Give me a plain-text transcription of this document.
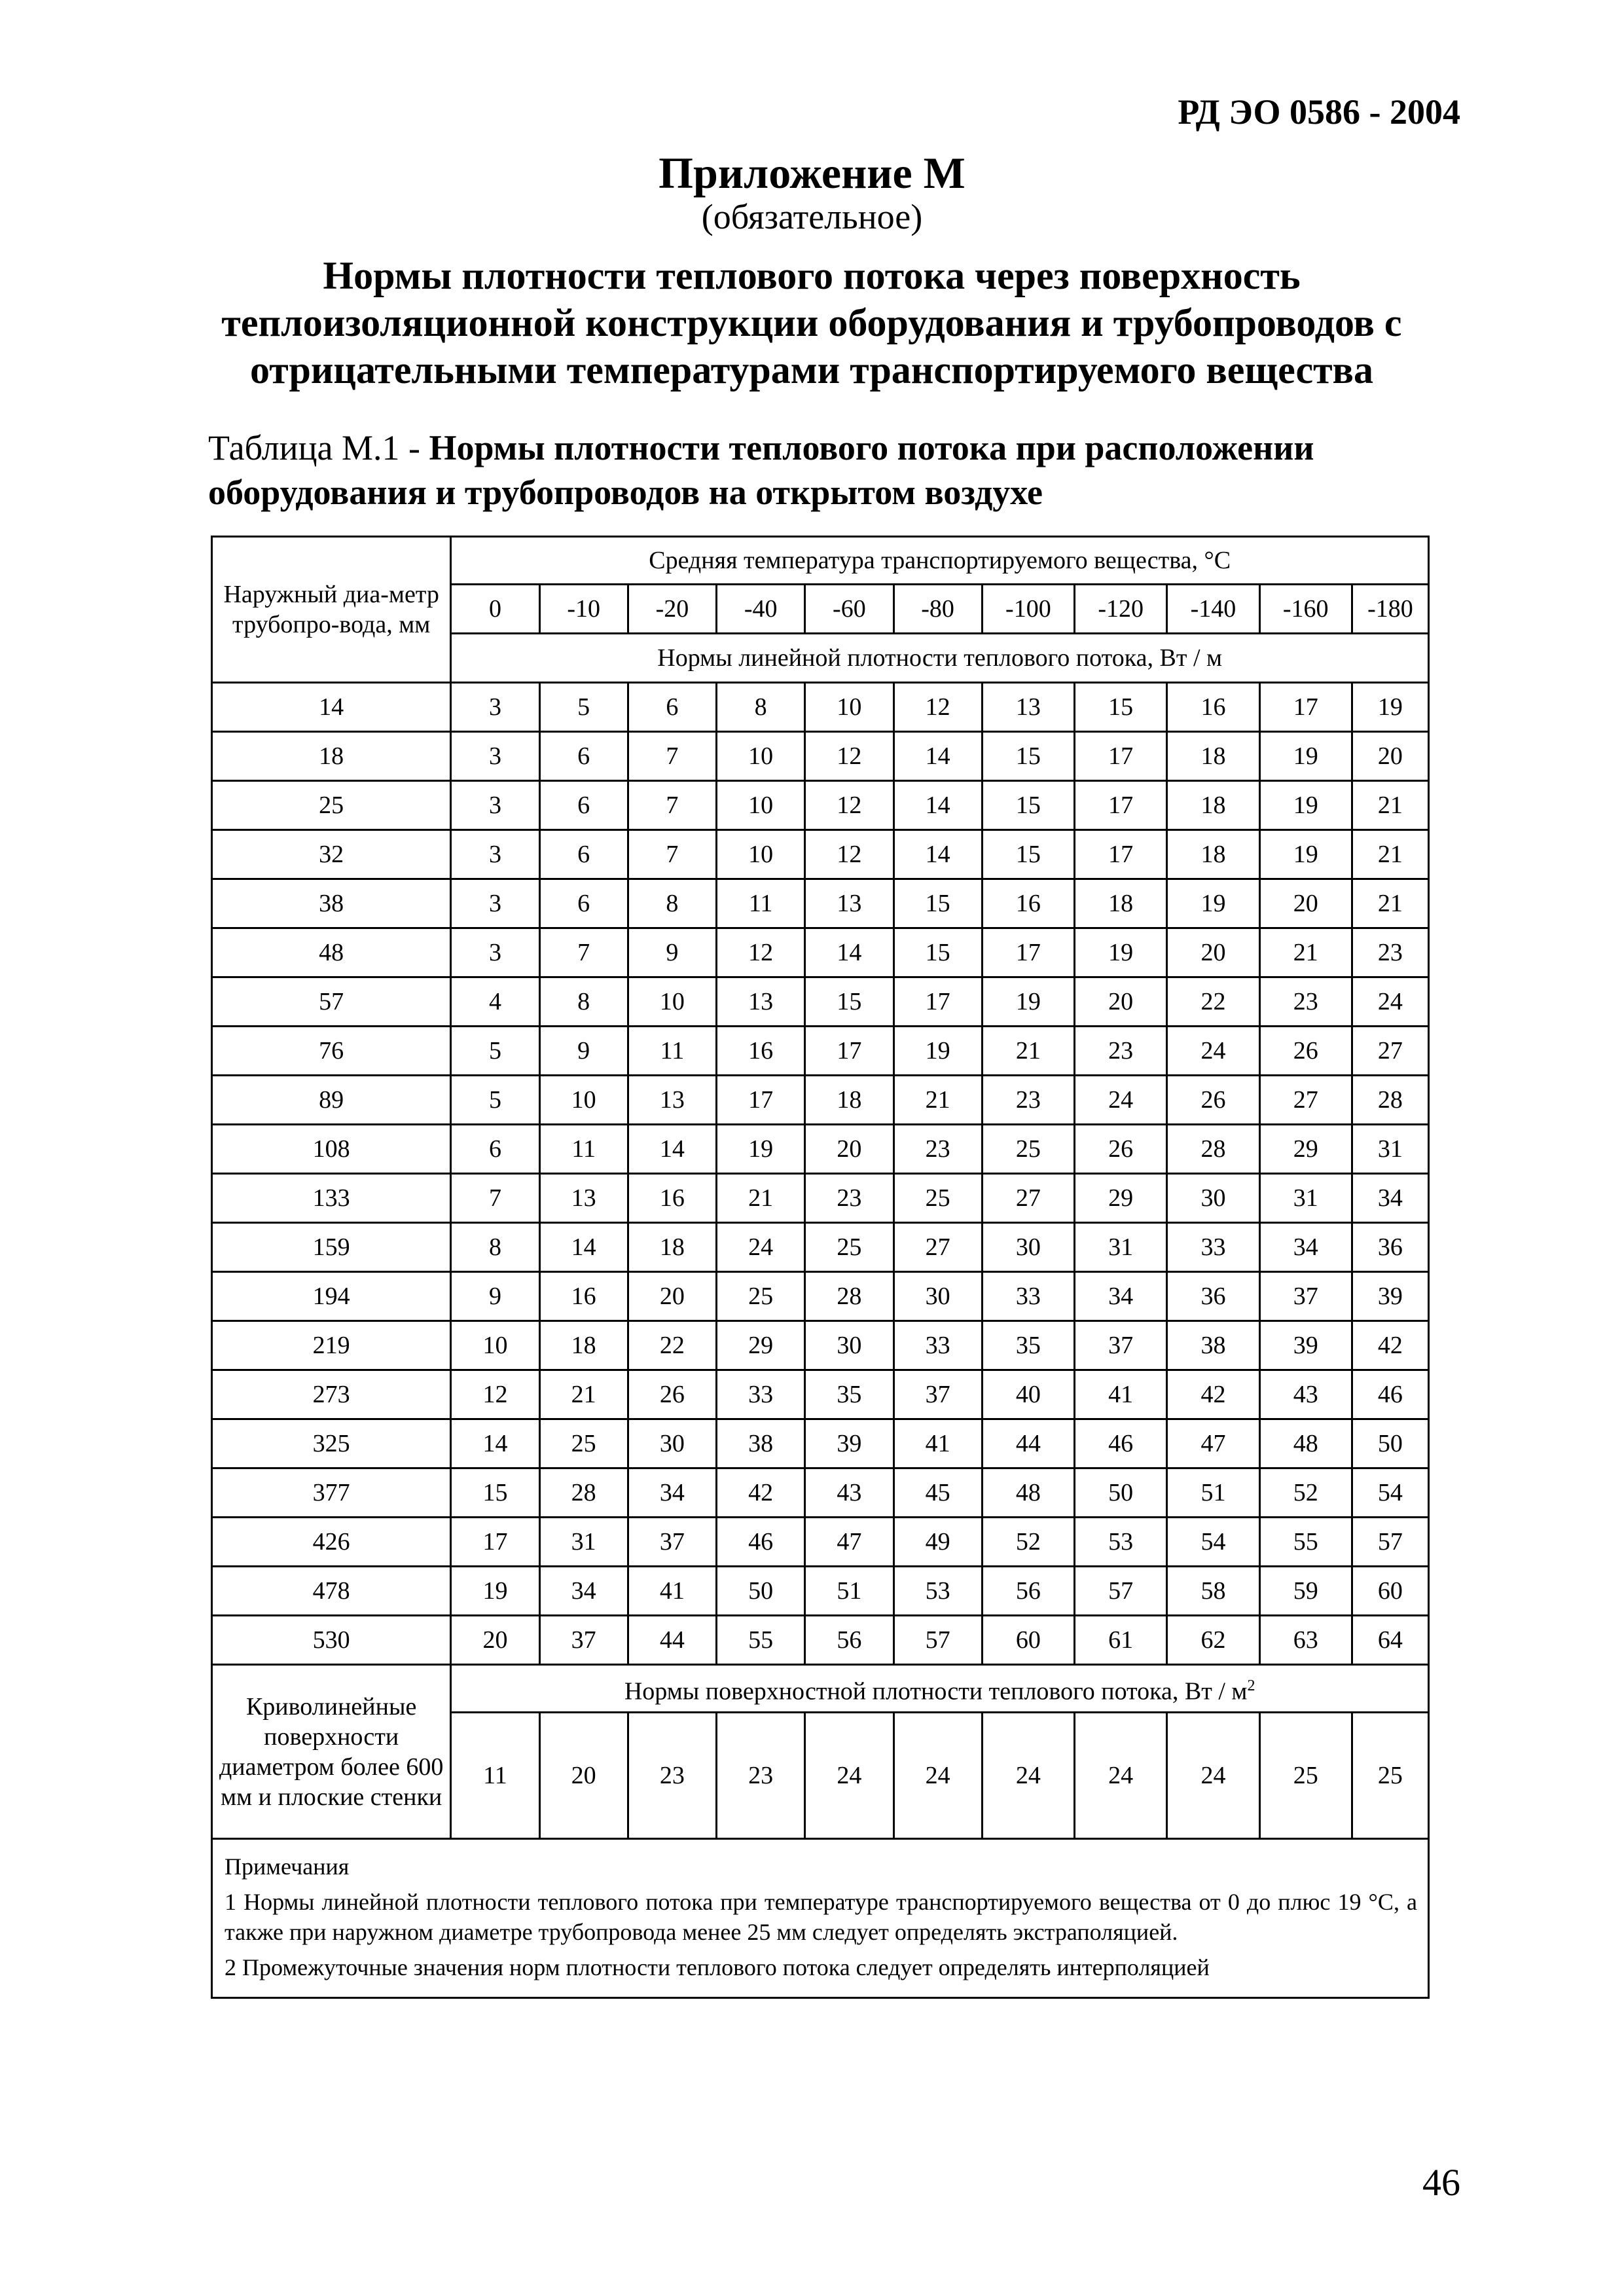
РД ЭО 0586 - 2004
Приложение М
(обязательное)
Нормы плотности теплового потока через поверхность теплоизоляционной конструкции оборудования и трубопроводов с отрицательными температурами транспортируемого вещества
Таблица М.1 - Нормы плотности теплового потока при расположении оборудования и трубопроводов на открытом воздухе
Наружный диа-метр трубопро-вода, мм	Средняя температура транспортируемого вещества, °С										
	0	-10	-20	-40	-60	-80	-100	-120	-140	-160	-180
	Нормы линейной плотности теплового потока, Вт / м										
14	3	5	6	8	10	12	13	15	16	17	19
18	3	6	7	10	12	14	15	17	18	19	20
25	3	6	7	10	12	14	15	17	18	19	21
32	3	6	7	10	12	14	15	17	18	19	21
38	3	6	8	11	13	15	16	18	19	20	21
48	3	7	9	12	14	15	17	19	20	21	23
57	4	8	10	13	15	17	19	20	22	23	24
76	5	9	11	16	17	19	21	23	24	26	27
89	5	10	13	17	18	21	23	24	26	27	28
108	6	11	14	19	20	23	25	26	28	29	31
133	7	13	16	21	23	25	27	29	30	31	34
159	8	14	18	24	25	27	30	31	33	34	36
194	9	16	20	25	28	30	33	34	36	37	39
219	10	18	22	29	30	33	35	37	38	39	42
273	12	21	26	33	35	37	40	41	42	43	46
325	14	25	30	38	39	41	44	46	47	48	50
377	15	28	34	42	43	45	48	50	51	52	54
426	17	31	37	46	47	49	52	53	54	55	57
478	19	34	41	50	51	53	56	57	58	59	60
530	20	37	44	55	56	57	60	61	62	63	64
Криволинейные поверхности диаметром более 600 мм и плоские стенки	Нормы поверхностной плотности теплового потока, Вт / $м^2$
	11	20	23	23	24	24	24	24	24	25	25

Примечания

1 Нормы линейной плотности теплового потока при температуре транспортируемого вещества от 0 до плюс 19 °С, а также при наружном диаметре трубопровода менее 25 мм следует определять экстраполяцией.

2 Промежуточные значения норм плотности теплового потока следует определять интерполяцией											

46
